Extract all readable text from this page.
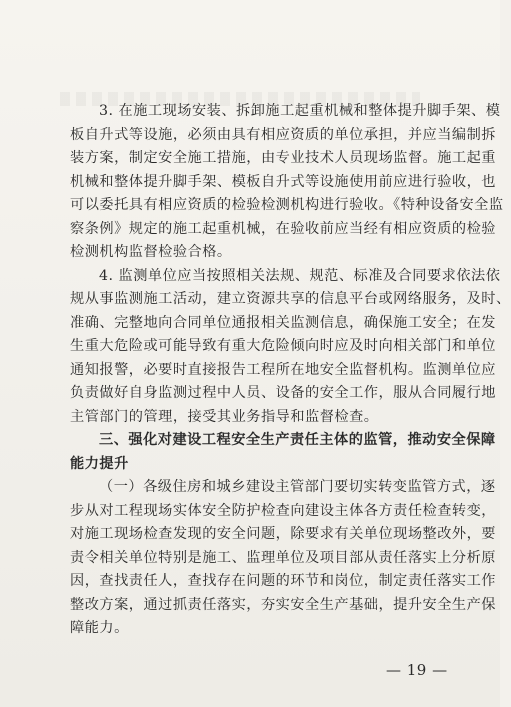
3. 在施工现场安装、拆卸施工起重机械和整体提升脚手架、模
板自升式等设施，必须由具有相应资质的单位承担，并应当编制拆
装方案，制定安全施工措施，由专业技术人员现场监督。施工起重
机械和整体提升脚手架、模板自升式等设施使用前应进行验收，也
可以委托具有相应资质的检验检测机构进行验收。《特种设备安全监
察条例》规定的施工起重机械，在验收前应当经有相应资质的检验
检测机构监督检验合格。
4. 监测单位应当按照相关法规、规范、标准及合同要求依法依
规从事监测施工活动，建立资源共享的信息平台或网络服务，及时、
准确、完整地向合同单位通报相关监测信息，确保施工安全；在发
生重大危险或可能导致有重大危险倾向时应及时向相关部门和单位
通知报警，必要时直接报告工程所在地安全监督机构。监测单位应
负责做好自身监测过程中人员、设备的安全工作，服从合同履行地
主管部门的管理，接受其业务指导和监督检查。
三、强化对建设工程安全生产责任主体的监管，推动安全保障
能力提升
（一）各级住房和城乡建设主管部门要切实转变监管方式，逐
步从对工程现场实体安全防护检查向建设主体各方责任检查转变，
对施工现场检查发现的安全问题，除要求有关单位现场整改外，要
责令相关单位特别是施工、监理单位及项目部从责任落实上分析原
因，查找责任人，查找存在问题的环节和岗位，制定责任落实工作
整改方案，通过抓责任落实，夯实安全生产基础，提升安全生产保
障能力。
— 19 —
